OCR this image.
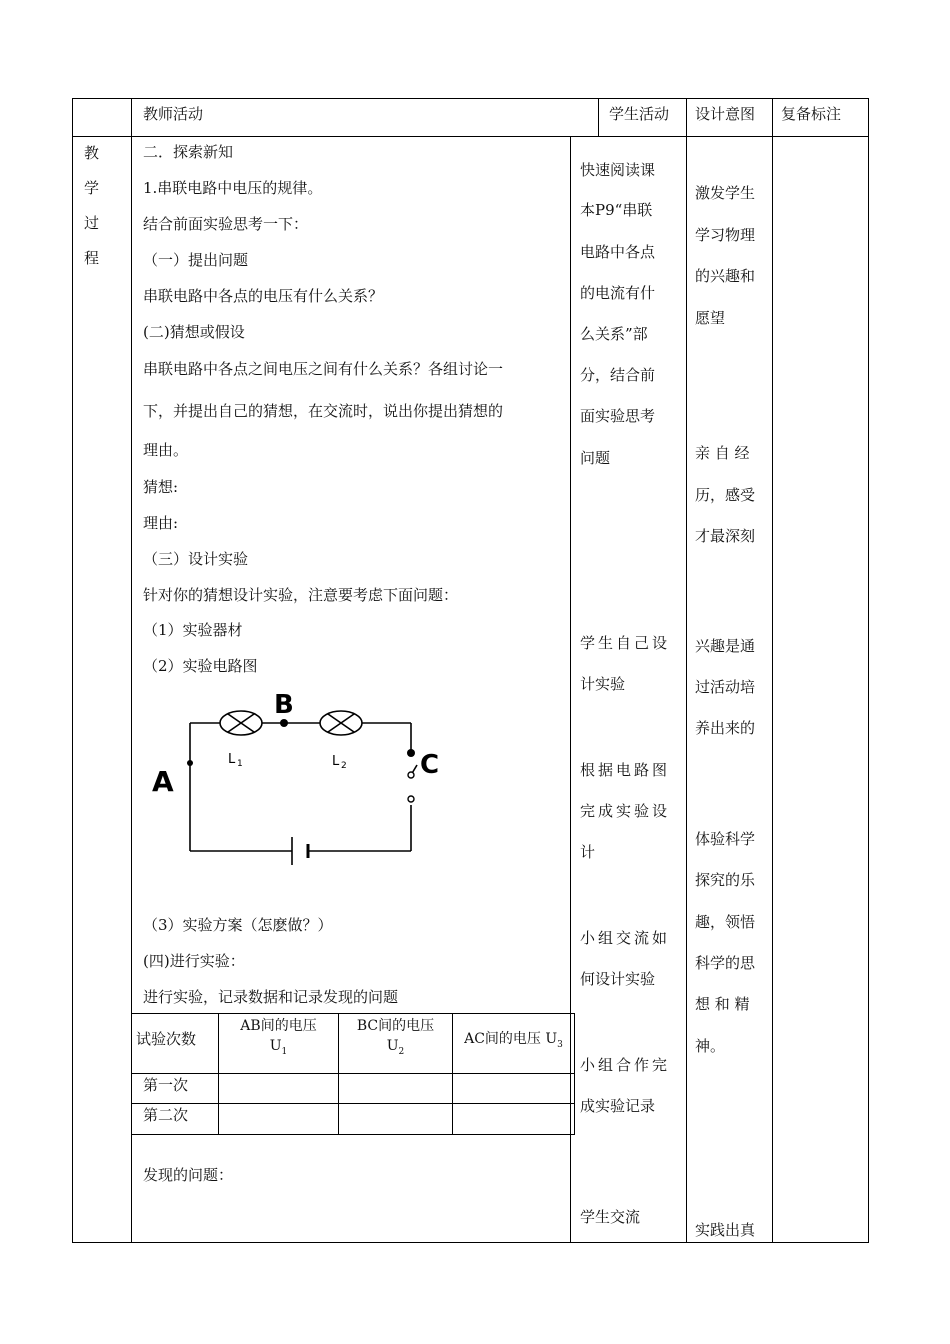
教师活动	学生活动 设计意图 复备标注
教
学
过
程
二．探索新知
1.串联电路中电压的规律。
结合前面实验思考一下：
（一）提出问题
串联电路中各点的电压有什么关系？
(二)猜想或假设
串联电路中各点之间电压之间有什么关系？各组讨论一
下，并提出自己的猜想，在交流时，说出你提出猜想的
理由。
猜想:
理由:
（三）设计实验
针对你的猜想设计实验，注意要考虑下面问题：
（1）实验器材
（2）实验电路图
A
B
C
L 1	L 2
（3）实验方案（怎麽做？）
(四)进行实验：
进行实验，记录数据和记录发现的问题
试验次数
AB间的电压
$U_1$
BC间的电压
$U_2$
AC间的电压 $U_3$
第一次
第二次
发现的问题：
快速阅读课
本P9“串联
电路中各点
的电流有什
么关系”部
分，结合前
面实验思考
问题
学生自己设
计实验
根据电路图
完成实验设
计
小组交流如
何设计实验
小组合作完
成实验记录
学生交流
激发学生
学习物理
的兴趣和
愿望
亲 自 经
历，感受
才最深刻
兴趣是通
过活动培
养出来的
体验科学
探究的乐
趣，领悟
科学的思
想 和 精
神。
实践出真
